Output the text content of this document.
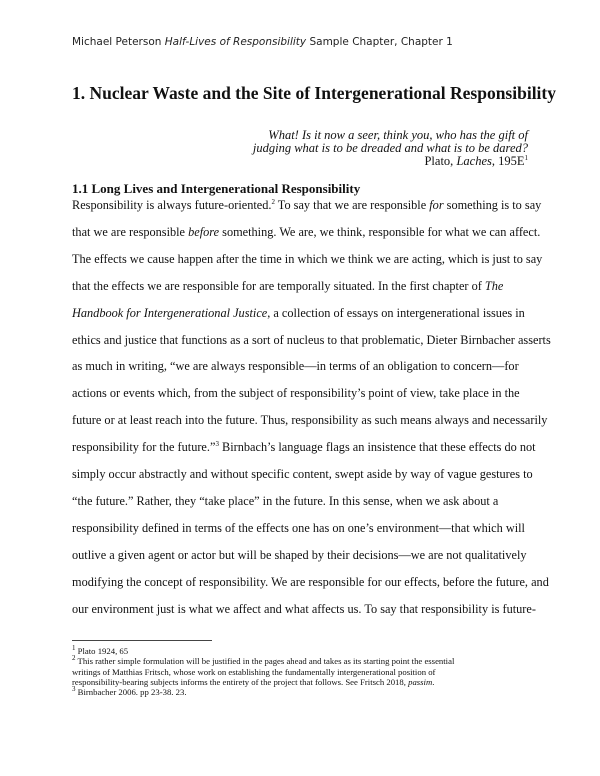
Michael Peterson Half-Lives of Responsibility Sample Chapter, Chapter 1
1. Nuclear Waste and the Site of Intergenerational Responsibility
What! Is it now a seer, think you, who has the gift of
judging what is to be dreaded and what is to be dared?
Plato, Laches, $195E^1$
1.1 Long Lives and Intergenerational Responsibility
Responsibility is always future-oriented.$^2$ To say that we are responsible for something is to say
that we are responsible before something. We are, we think, responsible for what we can affect.
The effects we cause happen after the time in which we think we are acting, which is just to say
that the effects we are responsible for are temporally situated. In the first chapter of The
Handbook for Intergenerational Justice, a collection of essays on intergenerational issues in
ethics and justice that functions as a sort of nucleus to that problematic, Dieter Birnbacher asserts
as much in writing, “we are always responsible—in terms of an obligation to concern—for
actions or events which, from the subject of responsibility’s point of view, take place in the
future or at least reach into the future. Thus, responsibility as such means always and necessarily
responsibility for the future.”$^3$ Birnbach’s language flags an insistence that these effects do not
simply occur abstractly and without specific content, swept aside by way of vague gestures to
“the future.” Rather, they “take place” in the future. In this sense, when we ask about a
responsibility defined in terms of the effects one has on one’s environment—that which will
outlive a given agent or actor but will be shaped by their decisions—we are not qualitatively
modifying the concept of responsibility. We are responsible for our effects, before the future, and
our environment just is what we affect and what affects us. To say that responsibility is future-
$^1$ Plato 1924, 65
$^2$ This rather simple formulation will be justified in the pages ahead and takes as its starting point the essential
writings of Matthias Fritsch, whose work on establishing the fundamentally intergenerational position of
responsibility-bearing subjects informs the entirety of the project that follows. See Fritsch 2018, passim.
$^3$ Birnbacher 2006. pp 23-38. 23.
